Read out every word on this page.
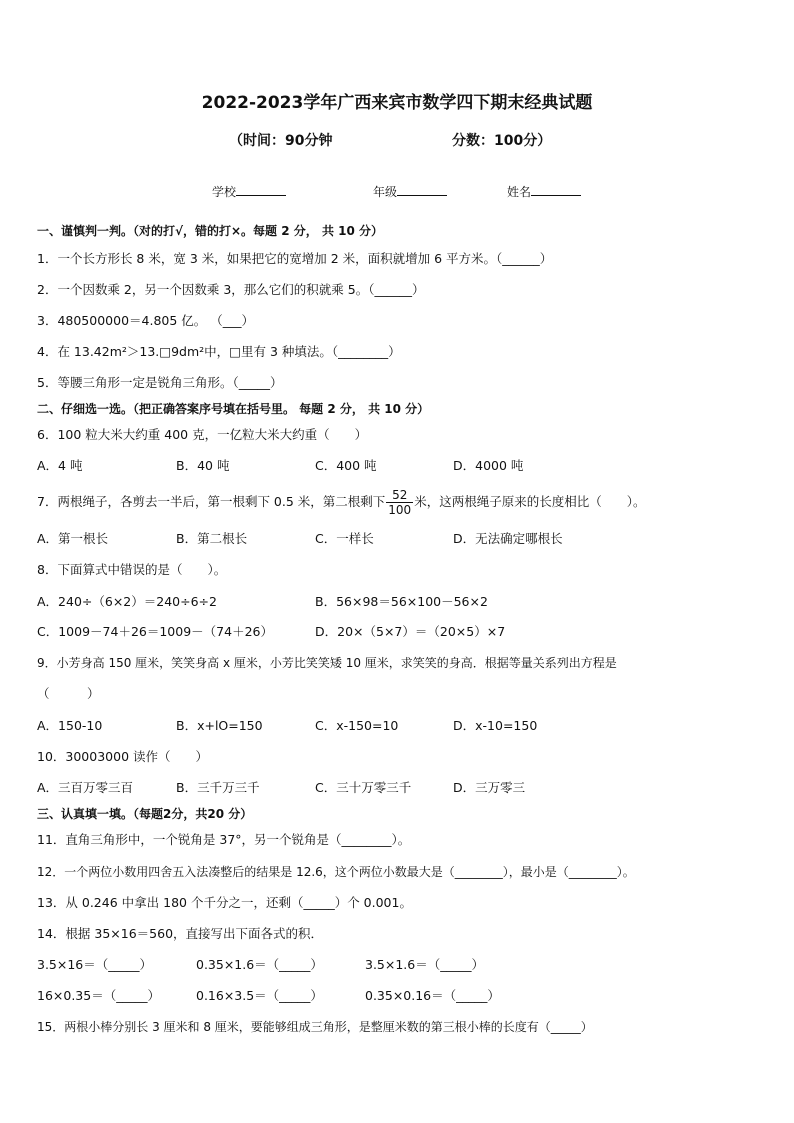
2022-2023学年广西来宾市数学四下期末经典试题
（时间：90分钟	分数：100分）
学校	年级	姓名
一、谨慎判一判。（对的打√，错的打×。每题 2 分， 共 10 分）
1．一个长方形长 8 米，宽 3 米，如果把它的宽增加 2 米，面积就增加 6 平方米。（______）
2．一个因数乘 2，另一个因数乘 3，那么它们的积就乘 5。（______）
3．480500000＝4.805 亿。 （___）
4．在 13.42m²＞13.□9dm²中，□里有 3 种填法。（________）
5．等腰三角形一定是锐角三角形。（_____）
二、仔细选一选。（把正确答案序号填在括号里。 每题 2 分， 共 10 分）
6．100 粒大米大约重 400 克，一亿粒大米大约重（　　）
A．4 吨	B．40 吨	C．400 吨	D．4000 吨
7．两根绳子，各剪去一半后，第一根剩下 0.5 米，第二根剩下 $\frac{52}{100}$ 米，这两根绳子原来的长度相比（　　）。
A．第一根长	B．第二根长	C．一样长	D．无法确定哪根长
8．下面算式中错误的是（　　）。
A．240÷（6×2）＝240÷6÷2	B．56×98＝56×100－56×2
C．1009－74＋26＝1009－（74＋26）	D．20×（5×7）＝（20×5）×7
9．小芳身高 150 厘米，笑笑身高 x 厘米，小芳比笑笑矮 10 厘米，求笑笑的身高．根据等量关系列出方程是
（　　　）
A．150-10	B．x+lO=150	C．x-150=10	D．x-10=150
10．30003000 读作（　　）
A．三百万零三百	B．三千万三千	C．三十万零三千	D．三万零三
三、认真填一填。（每题2分，共20 分）
11．直角三角形中，一个锐角是 37°，另一个锐角是（________）。
12．一个两位小数用四舍五入法凑整后的结果是 12.6，这个两位小数最大是（________），最小是（________）。
13．从 0.246 中拿出 180 个千分之一，还剩（_____）个 0.001。
14．根据 35×16＝560，直接写出下面各式的积．
3.5×16＝（_____）	0.35×1.6＝（_____）	3.5×1.6＝（_____）
16×0.35＝（_____）	0.16×3.5＝（_____）	0.35×0.16＝（_____）
15．两根小棒分别长 3 厘米和 8 厘米，要能够组成三角形，是整厘米数的第三根小棒的长度有（_____）
